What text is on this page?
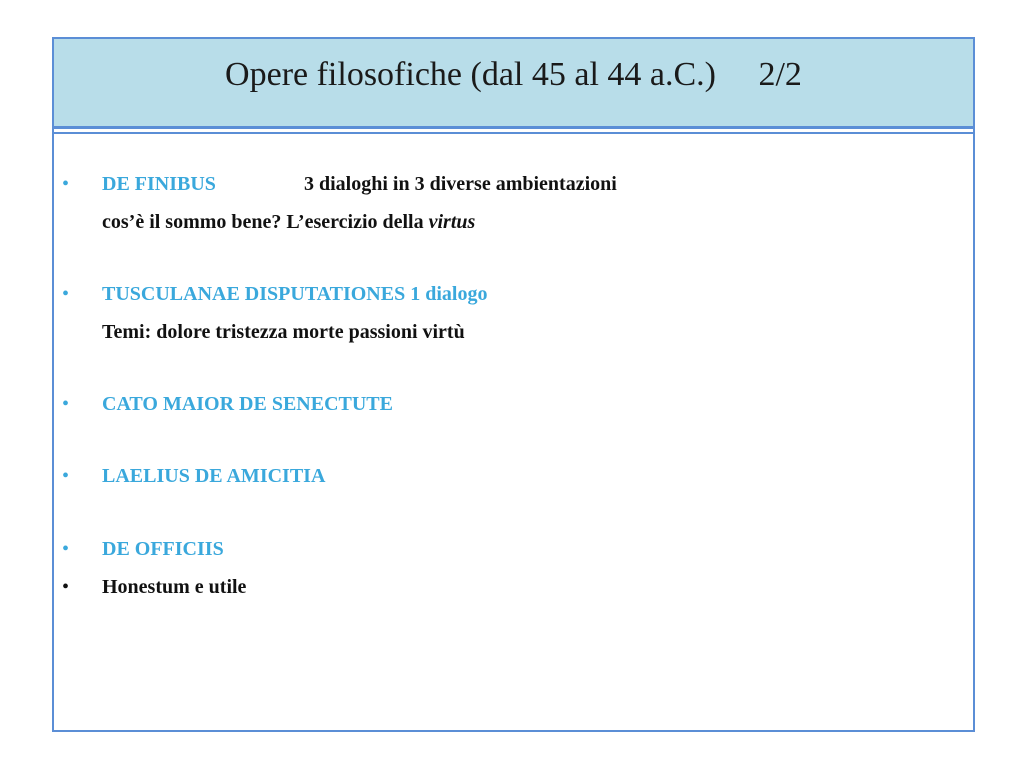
Opere filosofiche (dal 45 al 44 a.C.)     2/2
• DE FINIBUS	3 dialoghi in 3 diverse ambientazioni
cos’è il sommo bene? L’esercizio della virtus
• TUSCULANAE DISPUTATIONES 1 dialogo
Temi: dolore tristezza morte passioni virtù
• CATO MAIOR DE SENECTUTE
• LAELIUS DE AMICITIA
• DE OFFICIIS
• Honestum e utile
